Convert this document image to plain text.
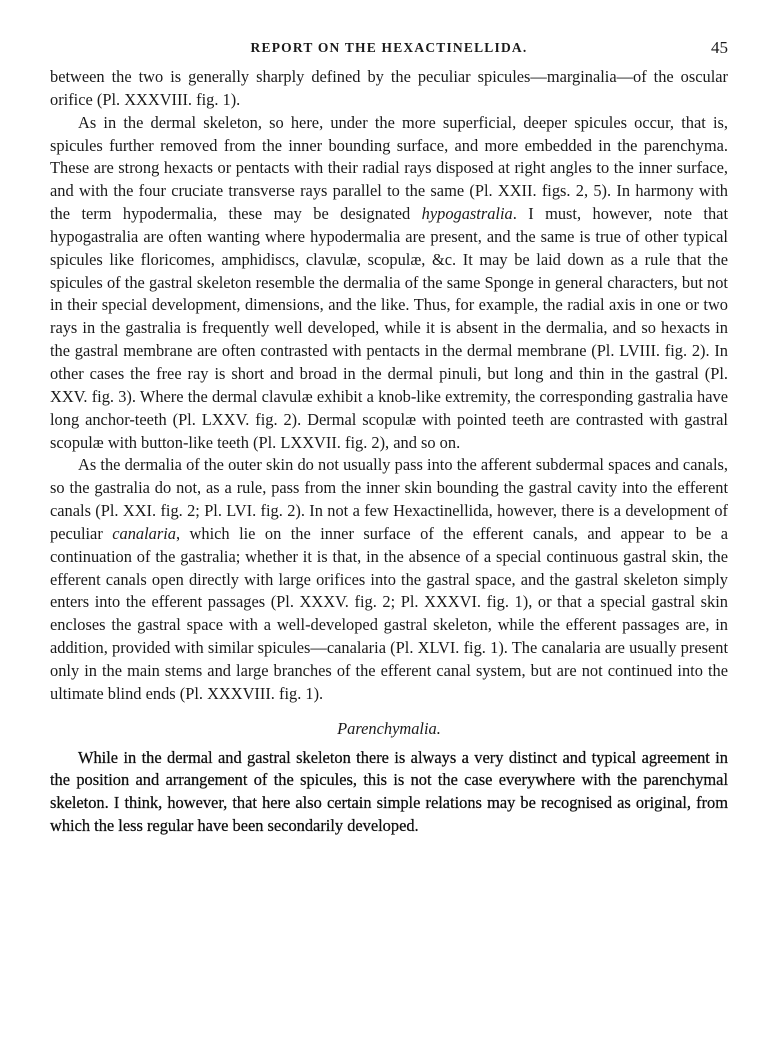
REPORT ON THE HEXACTINELLIDA.	45

between the two is generally sharply defined by the peculiar spicules—marginalia—of the oscular orifice (Pl. XXXVIII. fig. 1).

As in the dermal skeleton, so here, under the more superficial, deeper spicules occur, that is, spicules further removed from the inner bounding surface, and more embedded in the parenchyma. These are strong hexacts or pentacts with their radial rays disposed at right angles to the inner surface, and with the four cruciate transverse rays parallel to the same (Pl. XXII. figs. 2, 5). In harmony with the term hypodermalia, these may be designated hypogastralia. I must, however, note that hypogastralia are often wanting where hypodermalia are present, and the same is true of other typical spicules like floricomes, amphidiscs, clavulæ, scopulæ, &c. It may be laid down as a rule that the spicules of the gastral skeleton resemble the dermalia of the same Sponge in general characters, but not in their special development, dimensions, and the like. Thus, for example, the radial axis in one or two rays in the gastralia is frequently well developed, while it is absent in the dermalia, and so hexacts in the gastral membrane are often contrasted with pentacts in the dermal membrane (Pl. LVIII. fig. 2). In other cases the free ray is short and broad in the dermal pinuli, but long and thin in the gastral (Pl. XXV. fig. 3). Where the dermal clavulæ exhibit a knob-like extremity, the corresponding gastralia have long anchor-teeth (Pl. LXXV. fig. 2). Dermal scopulæ with pointed teeth are contrasted with gastral scopulæ with button-like teeth (Pl. LXXVII. fig. 2), and so on.

As the dermalia of the outer skin do not usually pass into the afferent subdermal spaces and canals, so the gastralia do not, as a rule, pass from the inner skin bounding the gastral cavity into the efferent canals (Pl. XXI. fig. 2; Pl. LVI. fig. 2). In not a few Hexactinellida, however, there is a development of peculiar canalaria, which lie on the inner surface of the efferent canals, and appear to be a continuation of the gastralia; whether it is that, in the absence of a special continuous gastral skin, the efferent canals open directly with large orifices into the gastral space, and the gastral skeleton simply enters into the efferent passages (Pl. XXXV. fig. 2; Pl. XXXVI. fig. 1), or that a special gastral skin encloses the gastral space with a well-developed gastral skeleton, while the efferent passages are, in addition, provided with similar spicules—canalaria (Pl. XLVI. fig. 1). The canalaria are usually present only in the main stems and large branches of the efferent canal system, but are not continued into the ultimate blind ends (Pl. XXXVIII. fig. 1).

Parenchymalia.

While in the dermal and gastral skeleton there is always a very distinct and typical agreement in the position and arrangement of the spicules, this is not the case everywhere with the parenchymal skeleton. I think, however, that here also certain simple relations may be recognised as original, from which the less regular have been secondarily developed.
